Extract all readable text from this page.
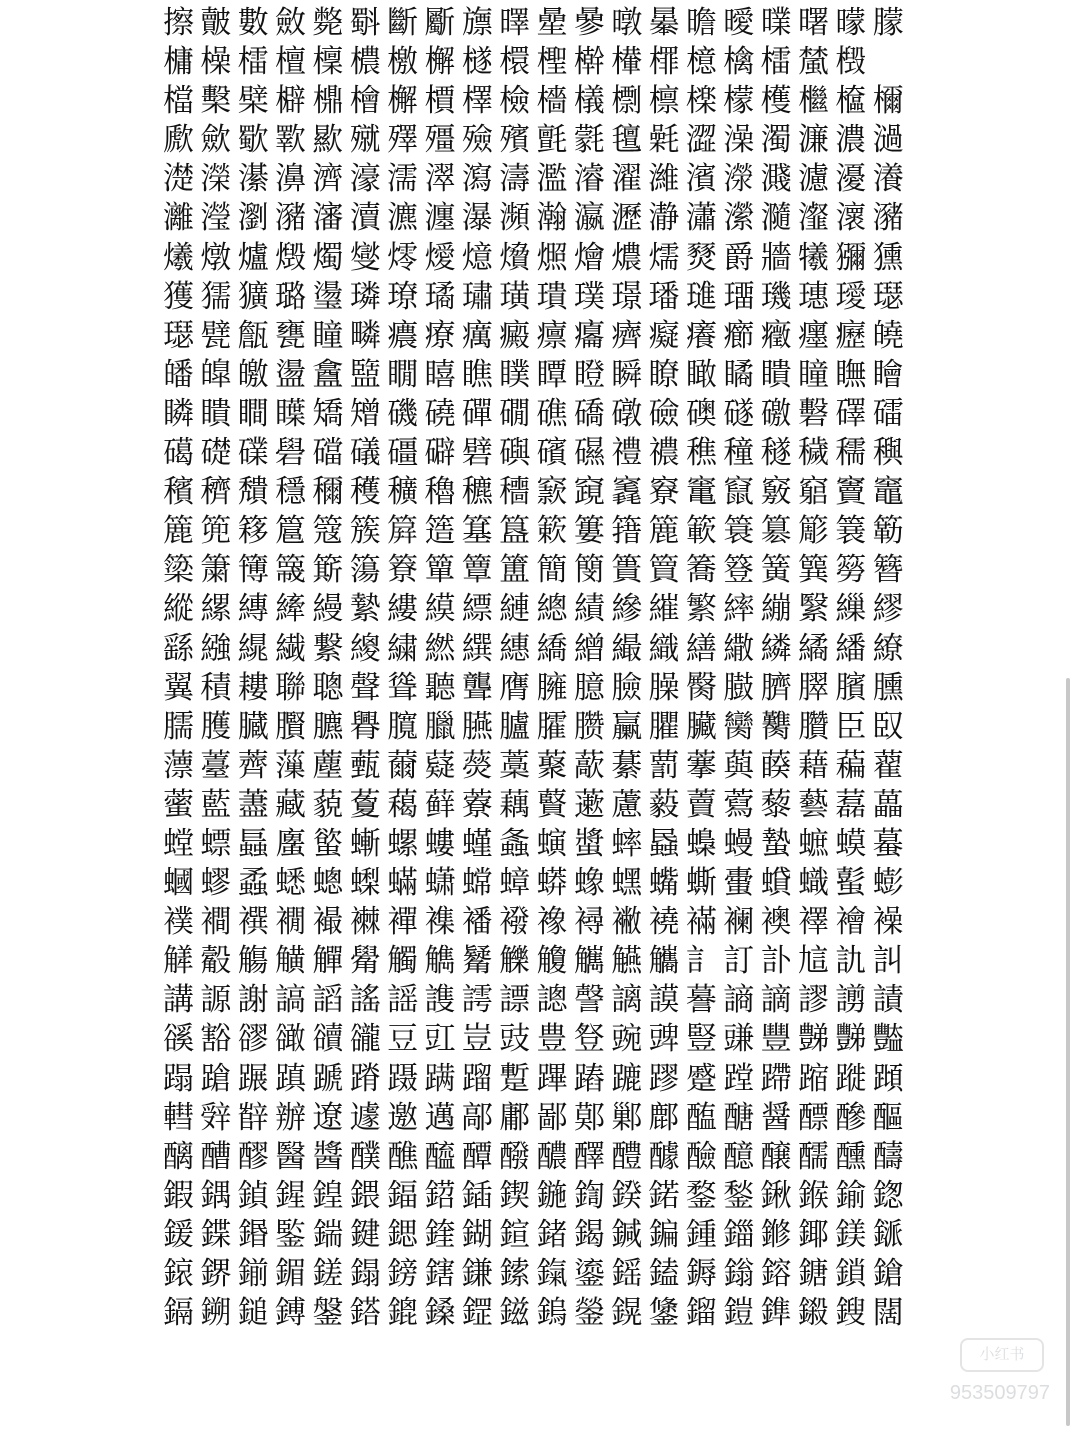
擦皾數斂斃斣斷斸旚曎曐曑暾曓曕曖曗曙曚朦
槦橾檑檀檁檂檄檞檖檈檉檊檋檌檍檎檑檒檓
檔檕檗檘檙檜檞檟檡檢檣檥檦檩檪檬檴檵檶檷
歋歛歜歝歞殧殬殭殮殯氈氋氊氉澀澡濁濂濃濄
濋濚濝濞濟濠濡濢瀉濤濫濬濯濰濱濴濺濾瀀瀁
灕瀅瀏瀦瀋瀆瀌瀍瀑瀕瀚瀛瀝瀞瀟瀠瀡瀣瀤瀦
爔燉爐燬燭燮燯燰燱燲燳燴燶燸燹爵牆犧獼獯
獲獳獷璐璗璘璙璚璛璜璝璞璟璠璡璢璣璤璦璱
璱甓甔甕瞳疄癑療癘癜癝癟癠癡癢癤癥癦癧皢
皤皥皦盪盫盬瞯瞦瞧瞨瞫瞪瞬瞭瞰瞲瞶瞳瞴瞺
瞵瞶瞷瞸矯矰磯磽磾礀礁礄礅礆礇礈礉礊礋礌
礍礎礏礐礑礒礓礔礕礖礗礘禮禯穛穜穟穢穤穥
穦穧穨穩穪穫穬穭穮穯窾竀竁竂竃竄竅竆竇竈
簏篼簃簄簆簇簈簉簊簋簌簍簎簏簐簑簒簓簔簕
簗簘簙簚簛簜簝簞簟簠簡簢簣簤簥簦簧簨簩簪
縱縲縳縴縵縶縷縸縹縺總績縿繀繁繂繃繄繅繆
繇繈繉繊繋繌繍繎繏繐繑繒繓織繕繖繗繘繙繚
翼積耬聯聰聲聳聽聾膺臃臆臉臊臋臌臍臎臏臐
臑臒臓臔臕臖臗臘臙臚臛臜臝臞臟臠臡臢臣臤
薸薹薺薻薼薽薾薿藀藁藂藃藄藅藆藇藈藉藊藋
藌藍藎藏藐藑藒藓藔藕藖藗藘藙藚藛藜藝藞藟
螳螵螶螷螸螹螺螻螼螽螾螿蟀蟁蟂蟃蟄蟅蟆蟇
蟈蟉蟊蟋蟌蟍蟎蟏蟐蟑蟒蟓蟔蟕蟖蟗蟘蟙蟚蟛
襆襇襈襉襊襋襌襍襎襏襐襑襒襓襔襕襖襗襘襙
觲觳觴觵觶觷觸觹觺觻觼觽觾觿訁訂訃訄訅訆
講謜謝謞謟謠謡謢謣謤謥謦謧謨謩謪謫謬謭謮
豀豁豂豃豄豅豆豇豈豉豊豋豌豍豎豏豐豑豒豓
蹋蹌蹍蹎蹏蹐蹑蹒蹓蹔蹕蹖蹗蹘蹙蹚蹛蹜蹝蹞
轊辤辥辦遼遽邀邁鄗鄘鄙鄚鄛鄜醢醣醤醥醦醧
醨醩醪醫醬醭醮醯醰醱醲醳醴醵醶醷醸醹醺醻
鍜鍝鍞鍟鍠鍡鍢鍣鍤鍥鍦鍧鍨鍩鍪鍫鍬鍭鍮鍯
鍰鍱鍲鍳鍴鍵鍶鍷鍸鍹鍺鍻鍼鍽鍾鍿鎀鎁鎂鎃
鎄鎅鎆鎇鎈鎉鎊鎋鎌鎍鎎鎏鎐鎑鎒鎓鎔鎕鎖鎗
鎘鎙鎚鎛鎜鎝鎞鎟鎠鎡鎢鎣鎤鎥鎦鎧鎨鎩鎪闊
小红书
953509797
